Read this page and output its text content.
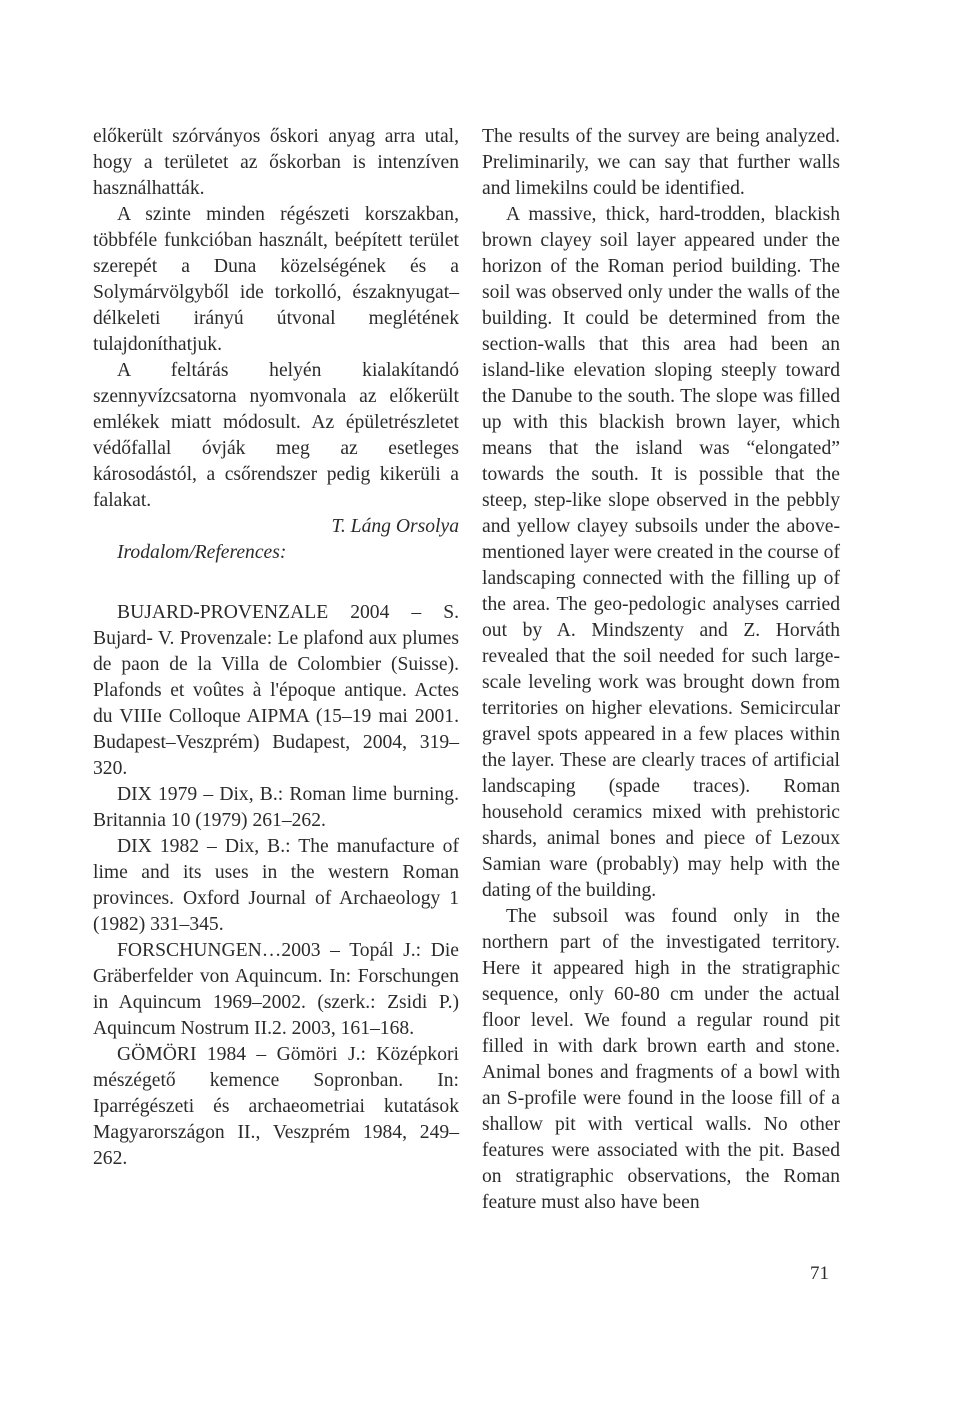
előkerült szórványos őskori anyag arra utal, hogy a területet az őskorban is intenzíven használhatták.

A szinte minden régészeti korszakban, többféle funkcióban használt, beépített terület szerepét a Duna közelségének és a Solymárvölgyből ide torkolló, északnyugat–délkeleti irányú útvonal meglétének tulajdoníthatjuk.

A feltárás helyén kialakítandó szennyvízcsatorna nyomvonala az előkerült emlékek miatt módosult. Az épületrészletet védőfallal óvják meg az esetleges károsodástól, a csőrendszer pedig kikerüli a falakat.

T. Láng Orsolya

Irodalom/References:

BUJARD-PROVENZALE 2004 – S. Bujard- V. Provenzale: Le plafond aux plumes de paon de la Villa de Colombier (Suisse). Plafonds et voûtes à l'époque antique. Actes du VIIIe Colloque AIPMA (15–19 mai 2001. Budapest–Veszprém) Budapest, 2004, 319–320.

DIX 1979 – Dix, B.: Roman lime burning. Britannia 10 (1979) 261–262.

DIX 1982 – Dix, B.: The manufacture of lime and its uses in the western Roman provinces. Oxford Journal of Archaeology 1 (1982) 331–345.

FORSCHUNGEN…2003 – Topál J.: Die Gräberfelder von Aquincum. In: Forschungen in Aquincum 1969–2002. (szerk.: Zsidi P.) Aquincum Nostrum II.2. 2003, 161–168.

GÖMÖRI 1984 – Gömöri J.: Középkori mészégető kemence Sopronban. In: Iparrégészeti és archaeometriai kutatások Magyarországon II., Veszprém 1984, 249–262.

The results of the survey are being analyzed. Preliminarily, we can say that further walls and limekilns could be identified.

A massive, thick, hard-trodden, blackish brown clayey soil layer appeared under the horizon of the Roman period building. The soil was observed only under the walls of the building. It could be determined from the section-walls that this area had been an island-like elevation sloping steeply toward the Danube to the south. The slope was filled up with this blackish brown layer, which means that the island was “elongated” towards the south. It is possible that the steep, step-like slope observed in the pebbly and yellow clayey subsoils under the above-mentioned layer were created in the course of landscaping connected with the filling up of the area. The geo-pedologic analyses carried out by A. Mindszenty and Z. Horváth revealed that the soil needed for such large-scale leveling work was brought down from territories on higher elevations. Semicircular gravel spots appeared in a few places within the layer. These are clearly traces of artificial landscaping (spade traces). Roman household ceramics mixed with prehistoric shards, animal bones and piece of Lezoux Samian ware (probably) may help with the dating of the building.

The subsoil was found only in the northern part of the investigated territory. Here it appeared high in the stratigraphic sequence, only 60-80 cm under the actual floor level. We found a regular round pit filled in with dark brown earth and stone. Animal bones and fragments of a bowl with an S-profile were found in the loose fill of a shallow pit with vertical walls. No other features were associated with the pit. Based on stratigraphic observations, the Roman feature must also have been

71
